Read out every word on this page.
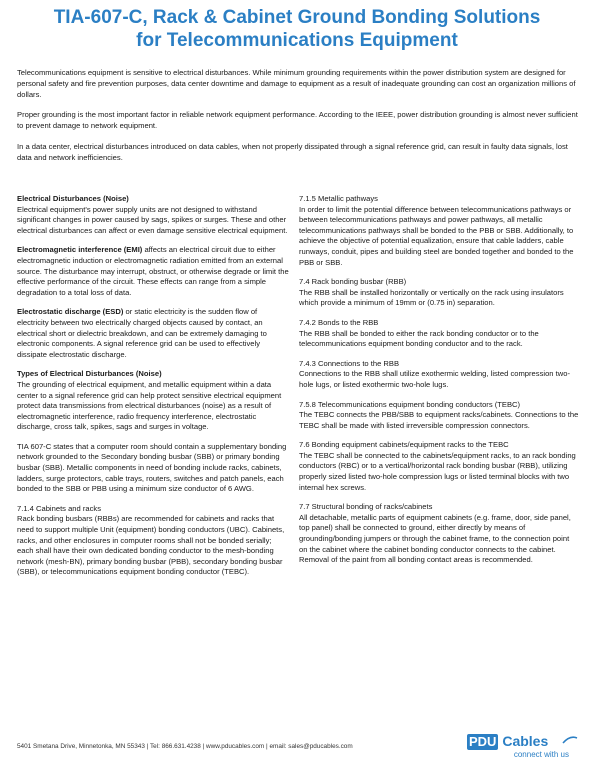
TIA-607-C, Rack & Cabinet Ground Bonding Solutions
for Telecommunications Equipment

Telecommunications equipment is sensitive to electrical disturbances. While minimum grounding requirements within the power distribution system are designed for personal safety and fire prevention purposes, data center downtime and damage to equipment as a result of inadequate grounding can cost an organization millions of dollars.

Proper grounding is the most important factor in reliable network equipment performance. According to the IEEE, power distribution grounding is almost never sufficient to prevent damage to network equipment.

In a data center, electrical disturbances introduced on data cables, when not properly dissipated through a signal reference grid, can result in faulty data signals, lost data and network inefficiencies.

Electrical Disturbances (Noise)
Electrical equipment's power supply units are not designed to withstand significant changes in power caused by sags, spikes or surges. These and other electrical disturbances can affect or even damage sensitive electrical equipment.
Electromagnetic interference (EMI) affects an electrical circuit due to either electromagnetic induction or electromagnetic radiation emitted from an external source. The disturbance may interrupt, obstruct, or otherwise degrade or limit the effective performance of the circuit. These effects can range from a simple degradation to a total loss of data.
Electrostatic discharge (ESD) or static electricity is the sudden flow of electricity between two electrically charged objects caused by contact, an electrical short or dielectric breakdown, and can be extremely damaging to electronic components. A signal reference grid can be used to effectively dissipate electrostatic discharge.
Types of Electrical Disturbances (Noise)
The grounding of electrical equipment, and metallic equipment within a data center to a signal reference grid can help protect sensitive electrical equipment protect data transmissions from electrical disturbances (noise) as a result of electromagnetic interference, radio frequency interference, electrostatic discharge, cross talk, spikes, sags and surges in voltage.
TIA 607-C states that a computer room should contain a supplementary bonding network grounded to the Secondary bonding busbar (SBB) or primary bonding busbar (SBB). Metallic components in need of bonding include racks, cabinets, ladders, surge protectors, cable trays, routers, switches and patch panels, each bonded to the SBB or PBB using a minimum size conductor of 6 AWG.
7.1.4 Cabinets and racks
Rack bonding busbars (RBBs) are recommended for cabinets and racks that need to support multiple Unit (equipment) bonding conductors (UBC). Cabinets, racks, and other enclosures in computer rooms shall not be bonded serially; each shall have their own dedicated bonding conductor to the mesh-bonding network (mesh-BN), primary bonding busbar (PBB), secondary bonding busbar (SBB), or telecommunications equipment bonding conductor (TEBC).
7.1.5 Metallic pathways
In order to limit the potential difference between telecommunications pathways or between telecommunications pathways and power pathways, all metallic telecommunications pathways shall be bonded to the PBB or SBB. Additionally, to achieve the objective of potential equalization, ensure that cable ladders, cable runways, conduit, pipes and building steel are bonded together and bonded to the PBB or SBB.
7.4 Rack bonding busbar (RBB)
The RBB shall be installed horizontally or vertically on the rack using insulators which provide a minimum of 19mm or (0.75 in) separation.
7.4.2 Bonds to the RBB
The RBB shall be bonded to either the rack bonding conductor or to the telecommunications equipment bonding conductor and to the rack.
7.4.3 Connections to the RBB
Connections to the RBB shall utilize exothermic welding, listed compression two-hole lugs, or listed exothermic two-hole lugs.
7.5.8 Telecommunications equipment bonding conductors (TEBC)
The TEBC connects the PBB/SBB to equipment racks/cabinets. Connections to the TEBC shall be made with listed irreversible compression connectors.
7.6 Bonding equipment cabinets/equipment racks to the TEBC
The TEBC shall be connected to the cabinets/equipment racks, to an rack bonding conductors (RBC) or to a vertical/horizontal rack bonding busbar (RBB), utilizing properly sized listed two-hole compression lugs or listed terminal blocks with two internal hex screws.
7.7 Structural bonding of racks/cabinets
All detachable, metallic parts of equipment cabinets (e.g. frame, door, side panel, top panel) shall be connected to ground, either directly by means of grounding/bonding jumpers or through the cabinet frame, to the connection point on the cabinet where the cabinet bonding conductor connects to the cabinet. Removal of the paint from all bonding contact areas is recommended.
5401 Smetana Drive, Minnetonka, MN 55343 | Tel: 866.631.4238 | www.pducables.com | email: sales@pducables.com	PDU Cables
connect with us
